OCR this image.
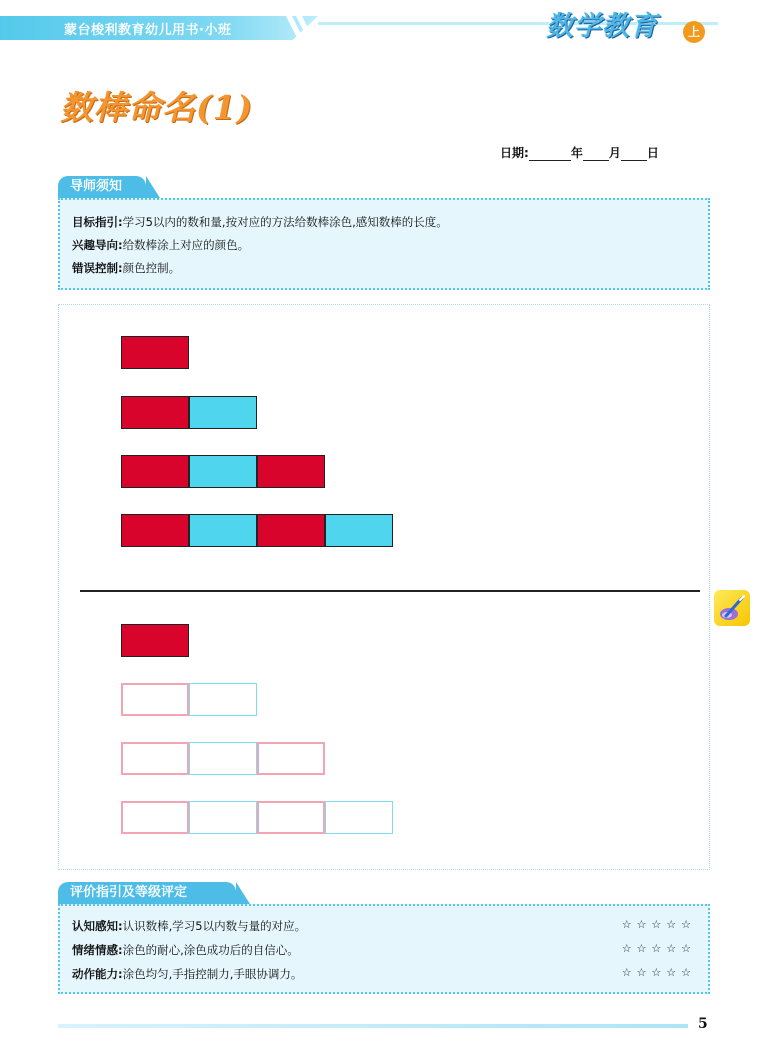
蒙台梭利教育幼儿用书·小班	数学教育	上
数棒命名(1)
日期:	年 月 日
导师须知
目标指引:学习5以内的数和量,按对应的方法给数棒涂色,感知数棒的长度。
兴趣导向:给数棒涂上对应的颜色。
错误控制:颜色控制。
评价指引及等级评定
认知感知:认识数棒,学习5以内数与量的对应。	☆☆☆☆☆
情绪情感:涂色的耐心,涂色成功后的自信心。	☆☆☆☆☆
动作能力:涂色均匀,手指控制力,手眼协调力。	☆☆☆☆☆
5
